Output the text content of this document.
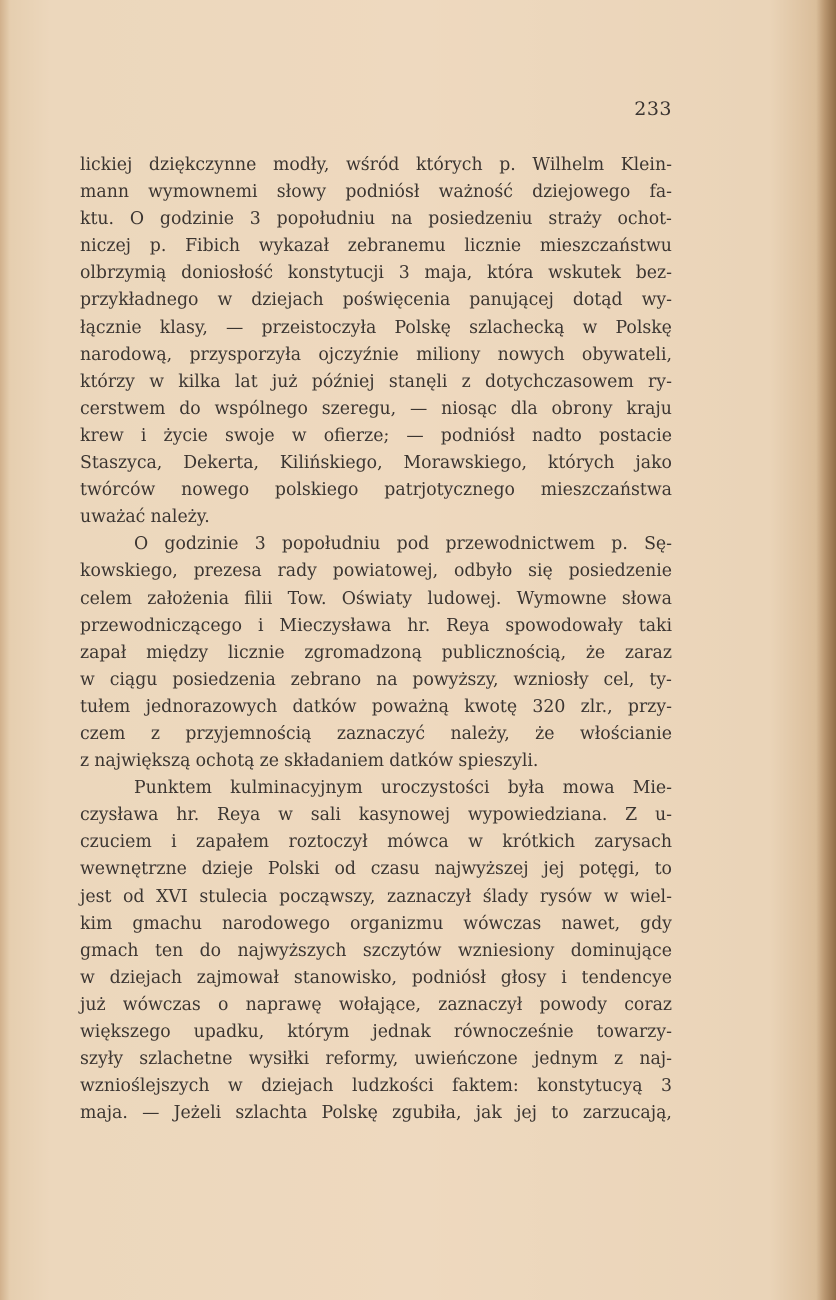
233
lickiej dziękczynne modły, wśród których p. Wilhelm Klein-
mann wymownemi słowy podniósł ważność dziejowego fa-
ktu. O godzinie 3 popołudniu na posiedzeniu straży ochot-
niczej p. Fibich wykazał zebranemu licznie mieszczaństwu
olbrzymią doniosłość konstytucji 3 maja, która wskutek bez-
przykładnego w dziejach poświęcenia panującej dotąd wy-
łącznie klasy, — przeistoczyła Polskę szlachecką w Polskę
narodową, przysporzyła ojczyźnie miliony nowych obywateli,
którzy w kilka lat już później stanęli z dotychczasowem ry-
cerstwem do wspólnego szeregu, — niosąc dla obrony kraju
krew i życie swoje w ofierze; — podniósł nadto postacie
Staszyca, Dekerta, Kilińskiego, Morawskiego, których jako
twórców nowego polskiego patrjotycznego mieszczaństwa
uważać należy.
O godzinie 3 popołudniu pod przewodnictwem p. Sę-
kowskiego, prezesa rady powiatowej, odbyło się posiedzenie
celem założenia filii Tow. Oświaty ludowej. Wymowne słowa
przewodniczącego i Mieczysława hr. Reya spowodowały taki
zapał między licznie zgromadzoną publicznością, że zaraz
w ciągu posiedzenia zebrano na powyższy, wzniosły cel, ty-
tułem jednorazowych datków poważną kwotę 320 zlr., przy-
czem z przyjemnością zaznaczyć należy, że włościanie
z największą ochotą ze składaniem datków spieszyli.
Punktem kulminacyjnym uroczystości była mowa Mie-
czysława hr. Reya w sali kasynowej wypowiedziana. Z u-
czuciem i zapałem roztoczył mówca w krótkich zarysach
wewnętrzne dzieje Polski od czasu najwyższej jej potęgi, to
jest od XVI stulecia począwszy, zaznaczył ślady rysów w wiel-
kim gmachu narodowego organizmu wówczas nawet, gdy
gmach ten do najwyższych szczytów wzniesiony dominujące
w dziejach zajmował stanowisko, podniósł głosy i tendencye
już wówczas o naprawę wołające, zaznaczył powody coraz
większego upadku, którym jednak równocześnie towarzy-
szyły szlachetne wysiłki reformy, uwieńczone jednym z naj-
wznioślejszych w dziejach ludzkości faktem: konstytucyą 3
maja. — Jeżeli szlachta Polskę zgubiła, jak jej to zarzucają,
